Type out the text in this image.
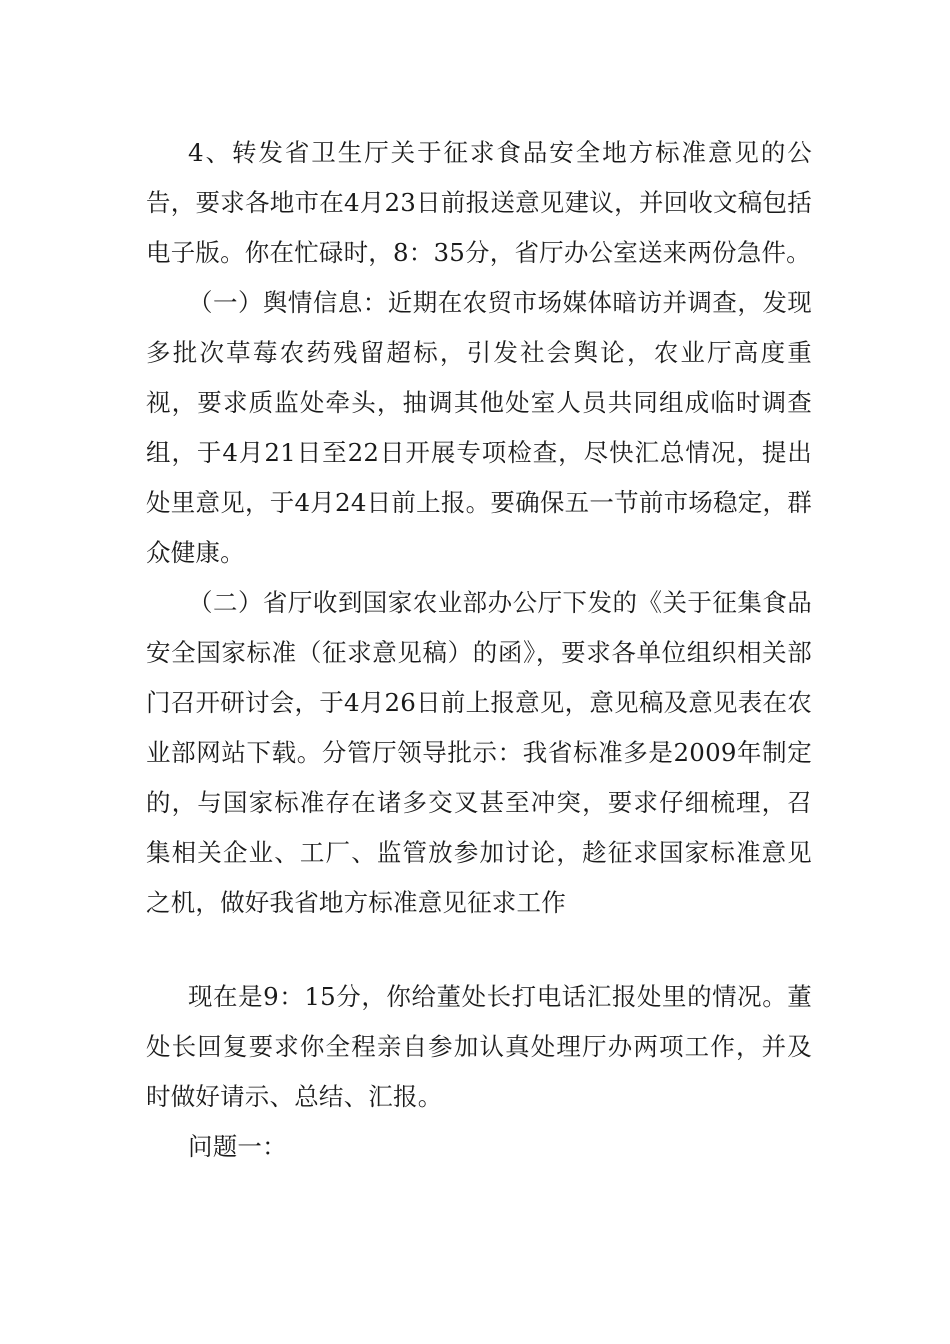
4、转发省卫生厅关于征求食品安全地方标准意见的公告，要求各地市在4月23日前报送意见建议，并回收文稿包括电子版。你在忙碌时，8：35分，省厅办公室送来两份急件。

（一）舆情信息：近期在农贸市场媒体暗访并调查，发现多批次草莓农药残留超标，引发社会舆论，农业厅高度重视，要求质监处牵头，抽调其他处室人员共同组成临时调查组，于4月21日至22日开展专项检查，尽快汇总情况，提出处里意见，于4月24日前上报。要确保五一节前市场稳定，群众健康。

（二）省厅收到国家农业部办公厅下发的《关于征集食品安全国家标准（征求意见稿）的函》，要求各单位组织相关部门召开研讨会，于4月26日前上报意见，意见稿及意见表在农业部网站下载。分管厅领导批示：我省标准多是2009年制定的，与国家标准存在诸多交叉甚至冲突，要求仔细梳理，召集相关企业、工厂、监管放参加讨论，趁征求国家标准意见之机，做好我省地方标准意见征求工作

现在是9：15分，你给董处长打电话汇报处里的情况。董处长回复要求你全程亲自参加认真处理厅办两项工作，并及时做好请示、总结、汇报。

问题一：
